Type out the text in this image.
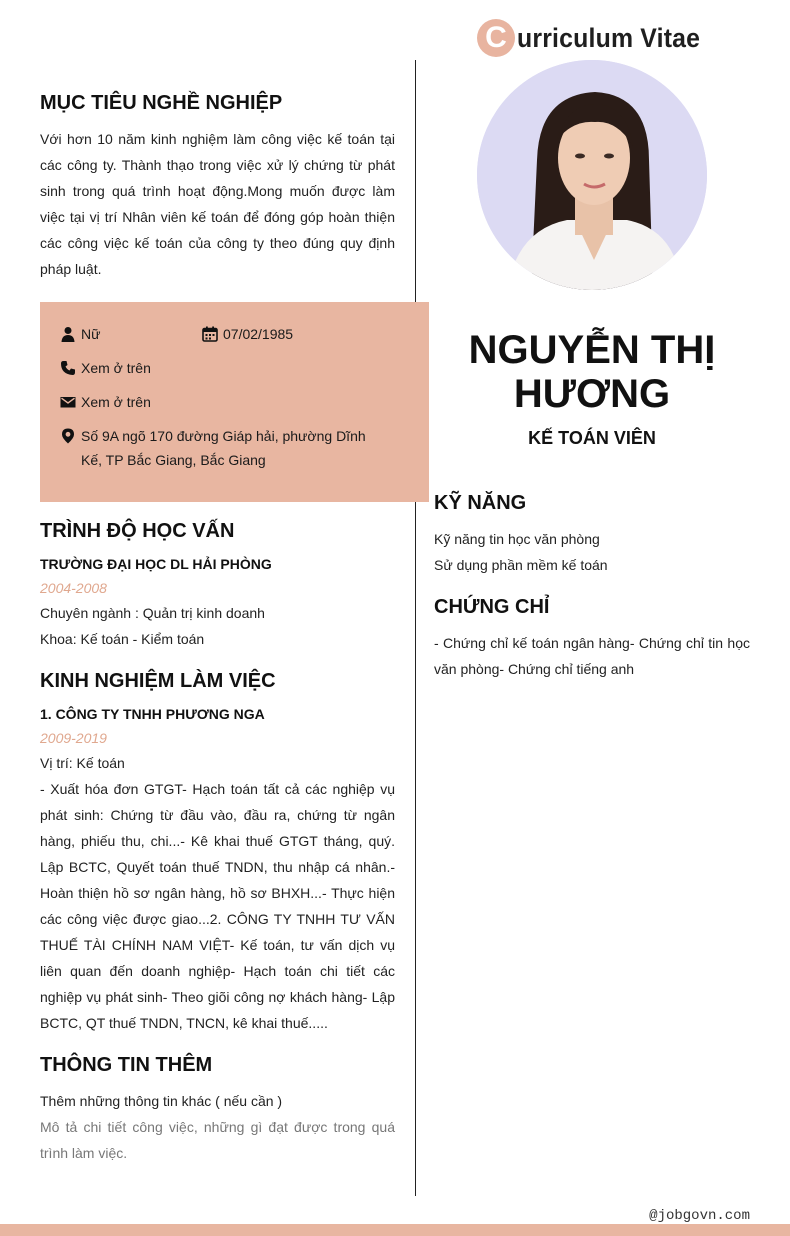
C urriculum Vitae
MỤC TIÊU NGHỀ NGHIỆP
Với hơn 10 năm kinh nghiệm làm công việc kế toán tại các công ty. Thành thạo trong việc xử lý chứng từ phát sinh trong quá trình hoạt động.Mong muốn được làm việc tại vị trí Nhân viên kế toán để đóng góp hoàn thiện các công việc kế toán của công ty theo đúng quy định pháp luật.
Nữ	07/02/1985
Xem ở trên
Xem ở trên
Số 9A ngõ 170 đường Giáp hải, phường Dĩnh Kế, TP Bắc Giang, Bắc Giang
TRÌNH ĐỘ HỌC VẤN
TRƯỜNG ĐẠI HỌC DL HẢI PHÒNG
2004-2008
Chuyên ngành : Quản trị kinh doanh
Khoa: Kế toán - Kiểm toán
KINH NGHIỆM LÀM VIỆC
1. CÔNG TY TNHH PHƯƠNG NGA
2009-2019
Vị trí: Kế toán
- Xuất hóa đơn GTGT- Hạch toán tất cả các nghiệp vụ phát sinh: Chứng từ đầu vào, đầu ra, chứng từ ngân hàng, phiếu thu, chi...- Kê khai thuế GTGT tháng, quý. Lập BCTC, Quyết toán thuế TNDN, thu nhập cá nhân.- Hoàn thiện hồ sơ ngân hàng, hồ sơ BHXH...- Thực hiện các công việc được giao...2. CÔNG TY TNHH TƯ VẤN THUẾ TÀI CHÍNH NAM VIỆT- Kế toán, tư vấn dịch vụ liên quan đến doanh nghiệp- Hạch toán chi tiết các nghiệp vụ phát sinh- Theo giõi công nợ khách hàng- Lập BCTC, QT thuế TNDN, TNCN, kê khai thuế.....
THÔNG TIN THÊM
Thêm những thông tin khác ( nếu cần )
Mô tả chi tiết công việc, những gì đạt được trong quá trình làm việc.
NGUYỄN THỊ HƯƠNG
KẾ TOÁN VIÊN
KỸ NĂNG
Kỹ năng tin học văn phòng
Sử dụng phần mềm kế toán
CHỨNG CHỈ
- Chứng chỉ kế toán ngân hàng- Chứng chỉ tin học văn phòng- Chứng chỉ tiếng anh
@jobgovn.com
